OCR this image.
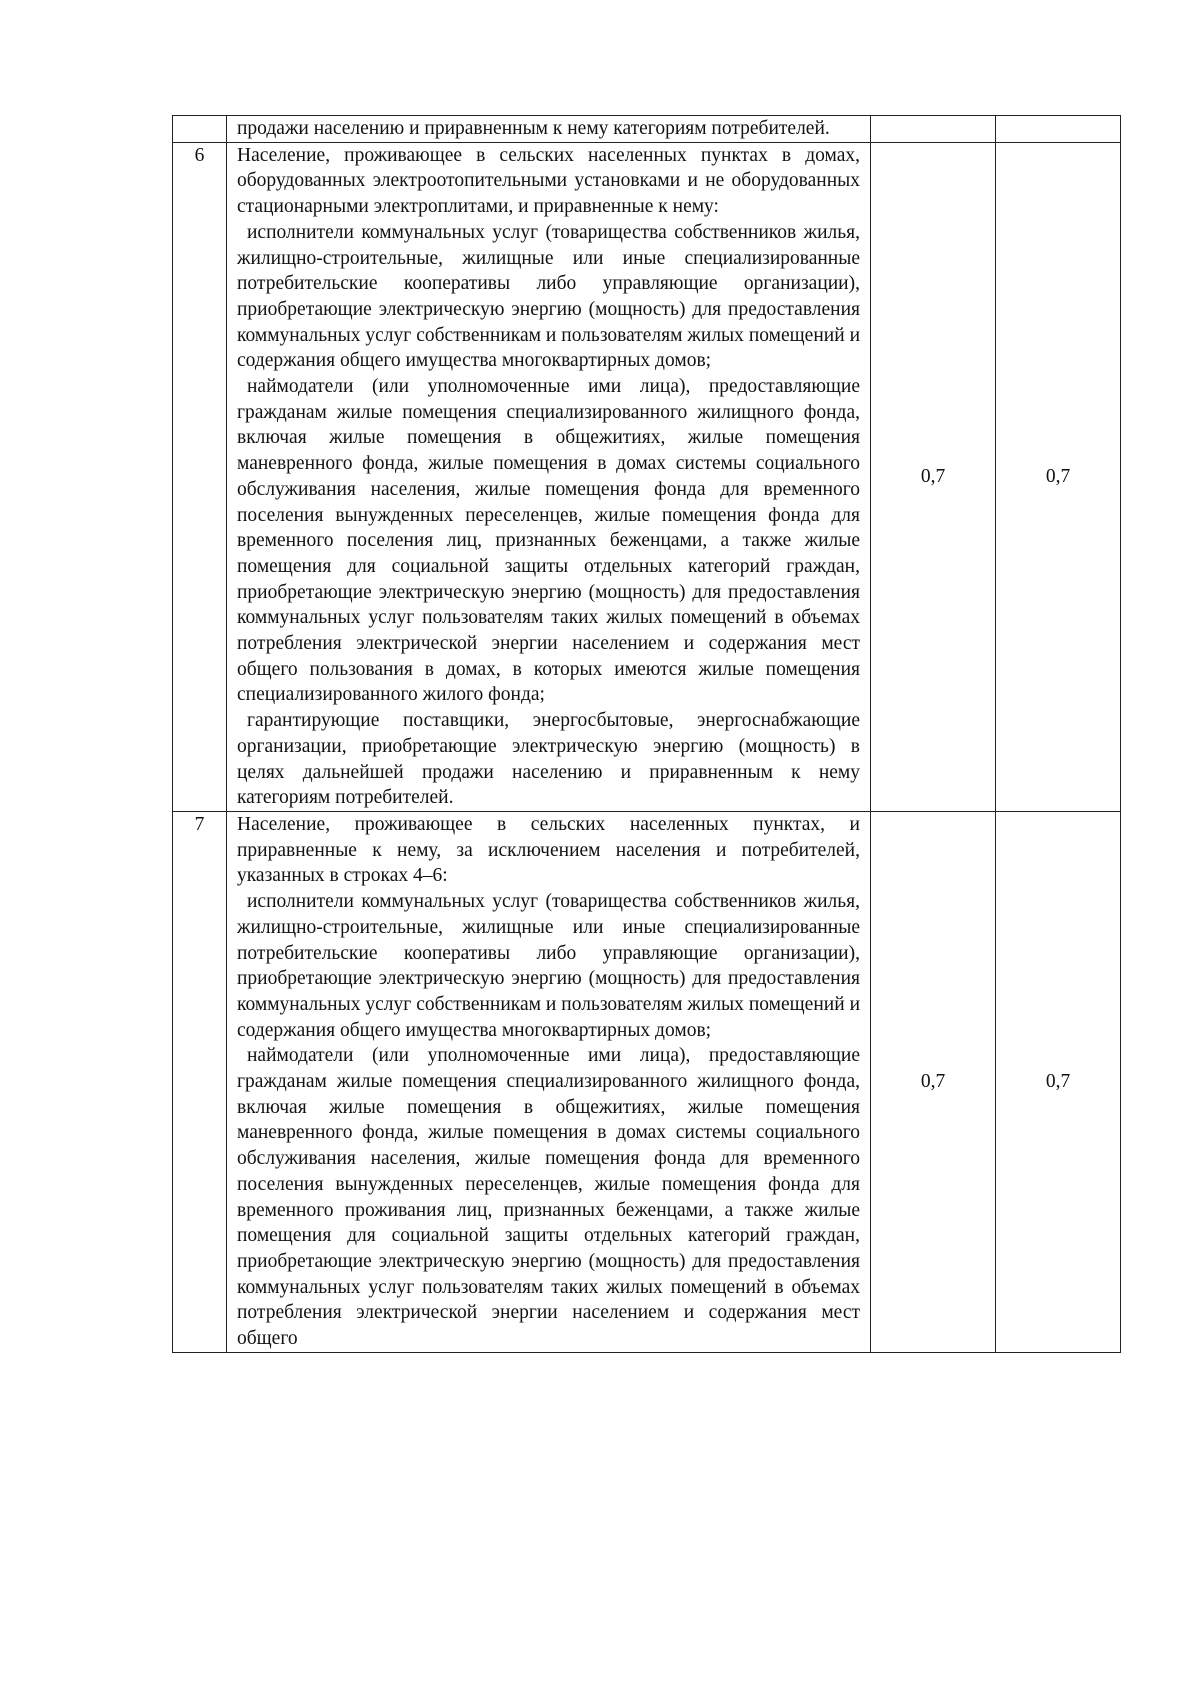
	продажи населению и приравненным к нему категориям потребителей.		

6	Население, проживающее в сельских населенных пунктах в домах, оборудованных электроотопительными установками и не оборудованных стационарными электроплитами, и приравненные к нему:

исполнители коммунальных услуг (товарищества собственников жилья, жилищно-строительные, жилищные или иные специализированные потребительские кооперативы либо управляющие организации), приобретающие электрическую энергию (мощность) для предоставления коммунальных услуг собственникам и пользователям жилых помещений и содержания общего имущества многоквартирных домов;

наймодатели (или уполномоченные ими лица), предоставляющие гражданам жилые помещения специализированного жилищного фонда, включая жилые помещения в общежитиях, жилые помещения маневренного фонда, жилые помещения в домах системы социального обслуживания населения, жилые помещения фонда для временного поселения вынужденных переселенцев, жилые помещения фонда для временного поселения лиц, признанных беженцами, а также жилые помещения для социальной защиты отдельных категорий граждан, приобретающие электрическую энергию (мощность) для предоставления коммунальных услуг пользователям таких жилых помещений в объемах потребления электрической энергии населением и содержания мест общего пользования в домах, в которых имеются жилые помещения специализированного жилого фонда;

гарантирующие поставщики, энергосбытовые, энергоснабжающие организации, приобретающие электрическую энергию (мощность) в целях дальнейшей продажи населению и приравненным к нему категориям потребителей.	0,7	0,7
7	Население, проживающее в сельских населенных пунктах, и приравненные к нему, за исключением населения и потребителей, указанных в строках 4–6:

исполнители коммунальных услуг (товарищества собственников жилья, жилищно-строительные, жилищные или иные специализированные потребительские кооперативы либо управляющие организации), приобретающие электрическую энергию (мощность) для предоставления коммунальных услуг собственникам и пользователям жилых помещений и содержания общего имущества многоквартирных домов;

наймодатели (или уполномоченные ими лица), предоставляющие гражданам жилые помещения специализированного жилищного фонда, включая жилые помещения в общежитиях, жилые помещения маневренного фонда, жилые помещения в домах системы социального обслуживания населения, жилые помещения фонда для временного поселения вынужденных переселенцев, жилые помещения фонда для временного проживания лиц, признанных беженцами, а также жилые помещения для социальной защиты отдельных категорий граждан, приобретающие электрическую энергию (мощность) для предоставления коммунальных услуг пользователям таких жилых помещений в объемах потребления электрической энергии населением и содержания мест общего	0,7	0,7
